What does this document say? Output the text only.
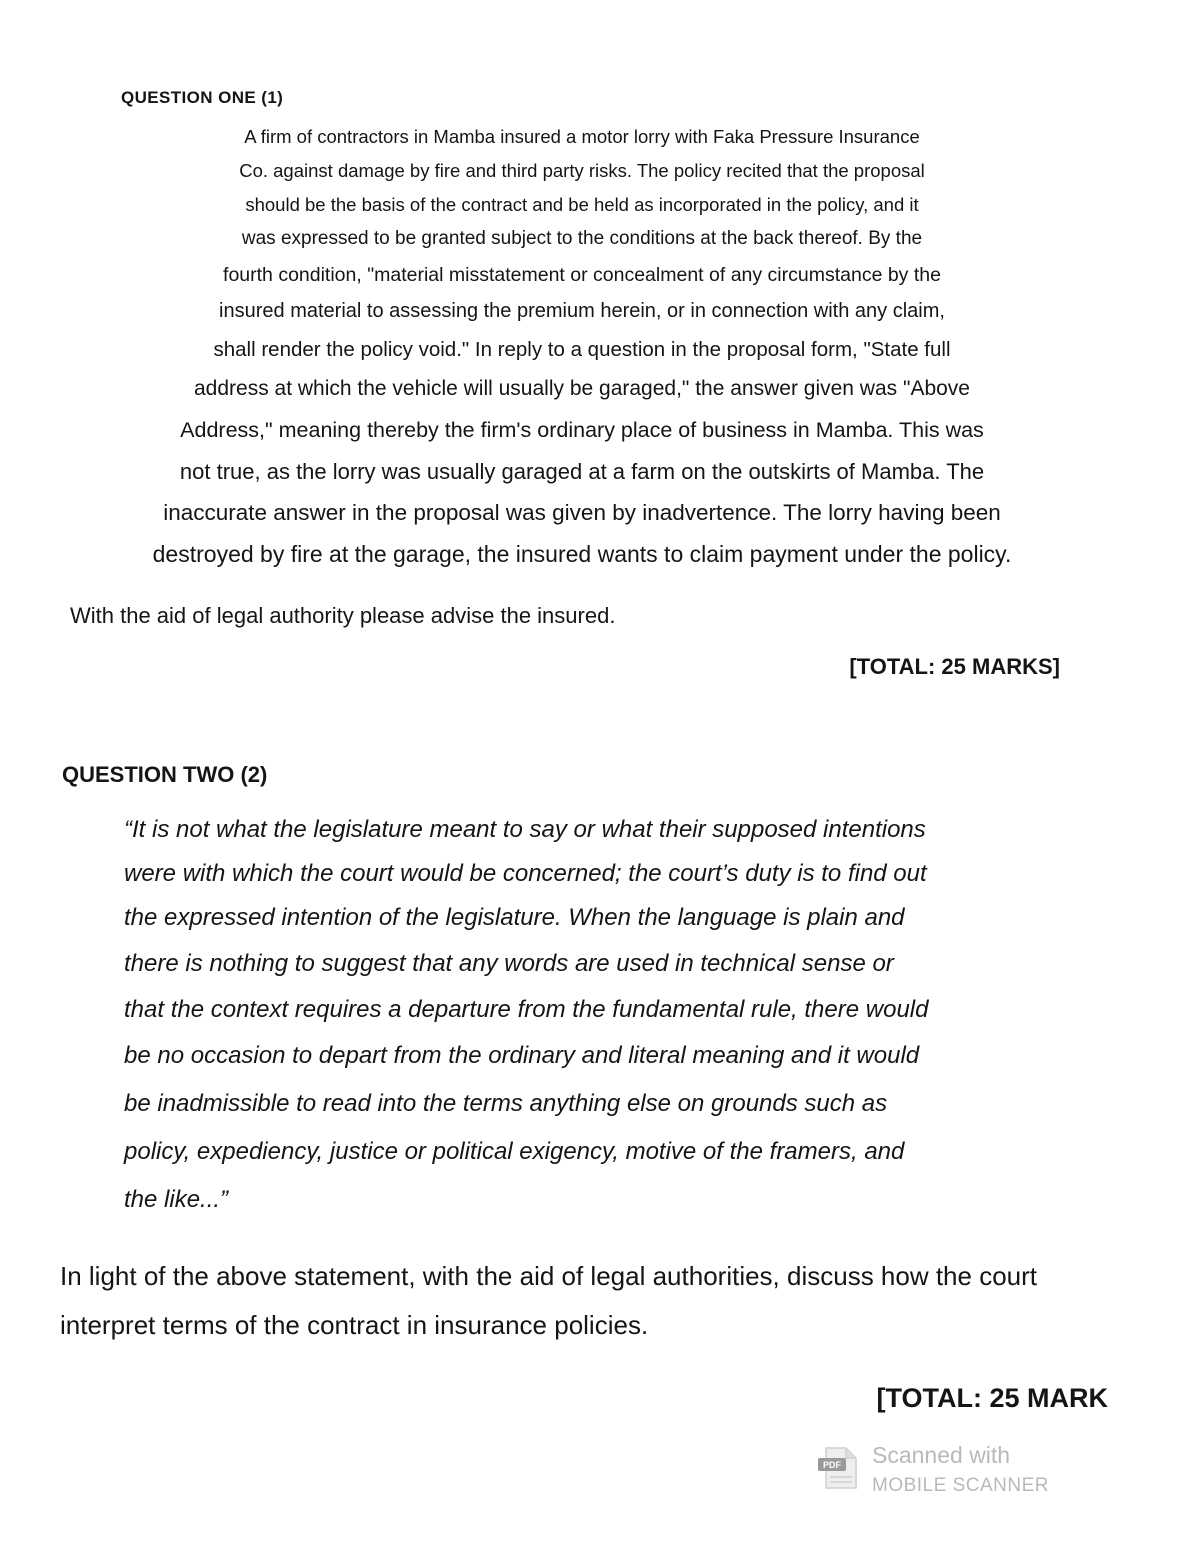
QUESTION ONE (1)
A firm of contractors in Mamba insured a motor lorry with Faka Pressure Insurance
Co. against damage by fire and third party risks. The policy recited that the proposal
should be the basis of the contract and be held as incorporated in the policy, and it
was expressed to be granted subject to the conditions at the back thereof. By the
fourth condition, "material misstatement or concealment of any circumstance by the
insured material to assessing the premium herein, or in connection with any claim,
shall render the policy void." In reply to a question in the proposal form, "State full
address at which the vehicle will usually be garaged," the answer given was "Above
Address," meaning thereby the firm's ordinary place of business in Mamba. This was
not true, as the lorry was usually garaged at a farm on the outskirts of Mamba. The
inaccurate answer in the proposal was given by inadvertence. The lorry having been
destroyed by fire at the garage, the insured wants to claim payment under the policy.
With the aid of legal authority please advise the insured.
[TOTAL: 25 MARKS]
QUESTION TWO (2)
“It is not what the legislature meant to say or what their supposed intentions
were with which the court would be concerned; the court’s duty is to find out
the expressed intention of the legislature. When the language is plain and
there is nothing to suggest that any words are used in technical sense or
that the context requires a departure from the fundamental rule, there would
be no occasion to depart from the ordinary and literal meaning and it would
be inadmissible to read into the terms anything else on grounds such as
policy, expediency, justice or political exigency, motive of the framers, and
the like...”
In light of the above statement, with the aid of legal authorities, discuss how the court
interpret terms of the contract in insurance policies.
[TOTAL: 25 MARK
PDF Scanned with
MOBILE SCANNER
